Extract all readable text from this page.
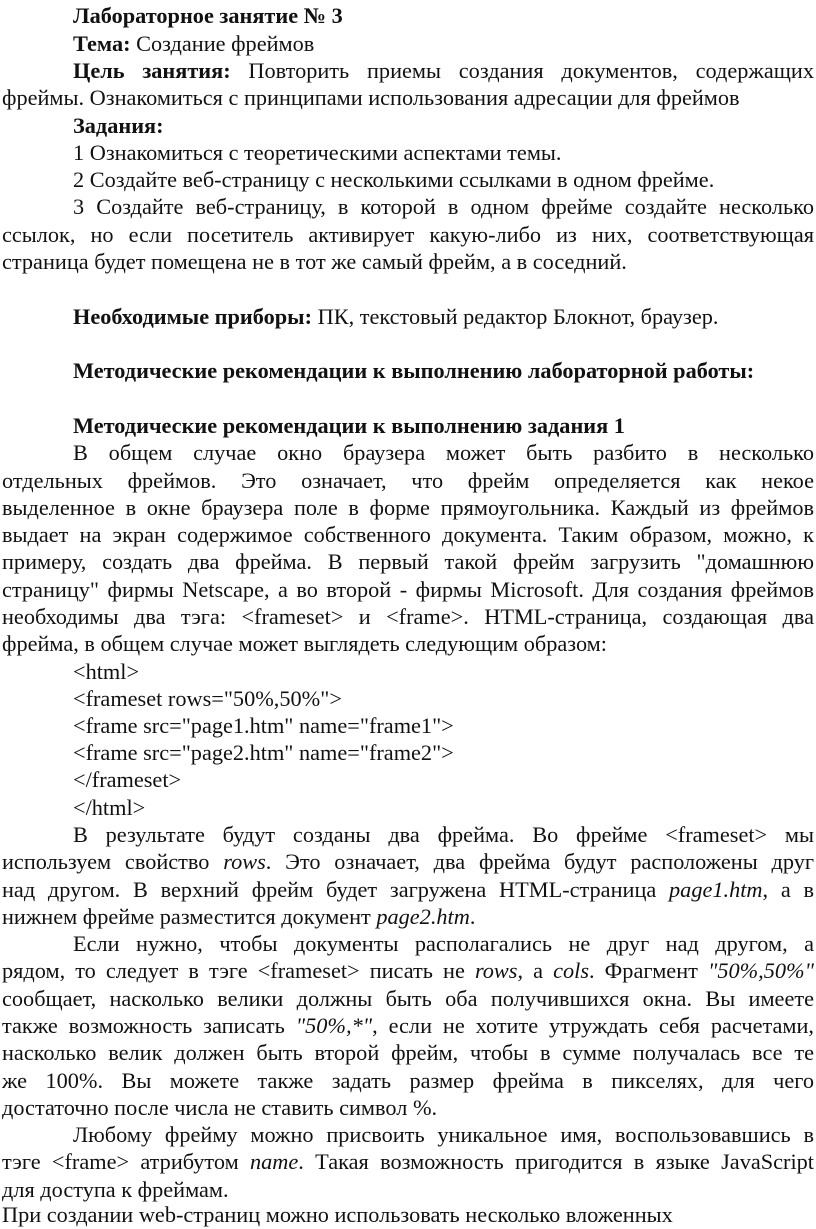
Лабораторное занятие № 3
Тема: Создание фреймов
Цель занятия: Повторить приемы создания документов, содержащих
фреймы. Ознакомиться с принципами использования адресации для фреймов
Задания:
1 Ознакомиться с теоретическими аспектами темы.
2 Создайте веб-страницу с несколькими ссылками в одном фрейме.
3 Создайте веб-страницу, в которой в одном фрейме создайте несколько
ссылок, но если посетитель активирует какую-либо из них, соответствующая
страница будет помещена не в тот же самый фрейм, а в соседний.
Необходимые приборы: ПК, текстовый редактор Блокнот, браузер.
Методические рекомендации к выполнению лабораторной работы:
Методические рекомендации к выполнению задания 1
В общем случае окно браузера может быть разбито в несколько
отдельных фреймов. Это означает, что фрейм определяется как некое
выделенное в окне браузера поле в форме прямоугольника. Каждый из фреймов
выдает на экран содержимое собственного документа. Таким образом, можно, к
примеру, создать два фрейма. В первый такой фрейм загрузить "домашнюю
страницу" фирмы Netscape, а во второй - фирмы Microsoft. Для создания фреймов
необходимы два тэга: <frameset> и <frame>. HTML-страница, создающая два
фрейма, в общем случае может выглядеть следующим образом:
<html>
<frameset rows="50%,50%">
<frame src="page1.htm" name="frame1">
<frame src="page2.htm" name="frame2">
</frameset>
</html>
В результате будут созданы два фрейма. Во фрейме <frameset> мы
используем свойство rows. Это означает, два фрейма будут расположены друг
над другом. В верхний фрейм будет загружена HTML-страница page1.htm, а в
нижнем фрейме разместится документ page2.htm.
Если нужно, чтобы документы располагались не друг над другом, а
рядом, то следует в тэге <frameset> писать не rows, а cols. Фрагмент "50%,50%"
сообщает, насколько велики должны быть оба получившихся окна. Вы имеете
также возможность записать "50%,*", если не хотите утруждать себя расчетами,
насколько велик должен быть второй фрейм, чтобы в сумме получалась все те
же 100%. Вы можете также задать размер фрейма в пикселях, для чего
достаточно после числа не ставить символ %.
Любому фрейму можно присвоить уникальное имя, воспользовавшись в
тэге <frame> атрибутом name. Такая возможность пригодится в языке JavaScript
для доступа к фреймам.
При создании web-страниц можно использовать несколько вложенных
